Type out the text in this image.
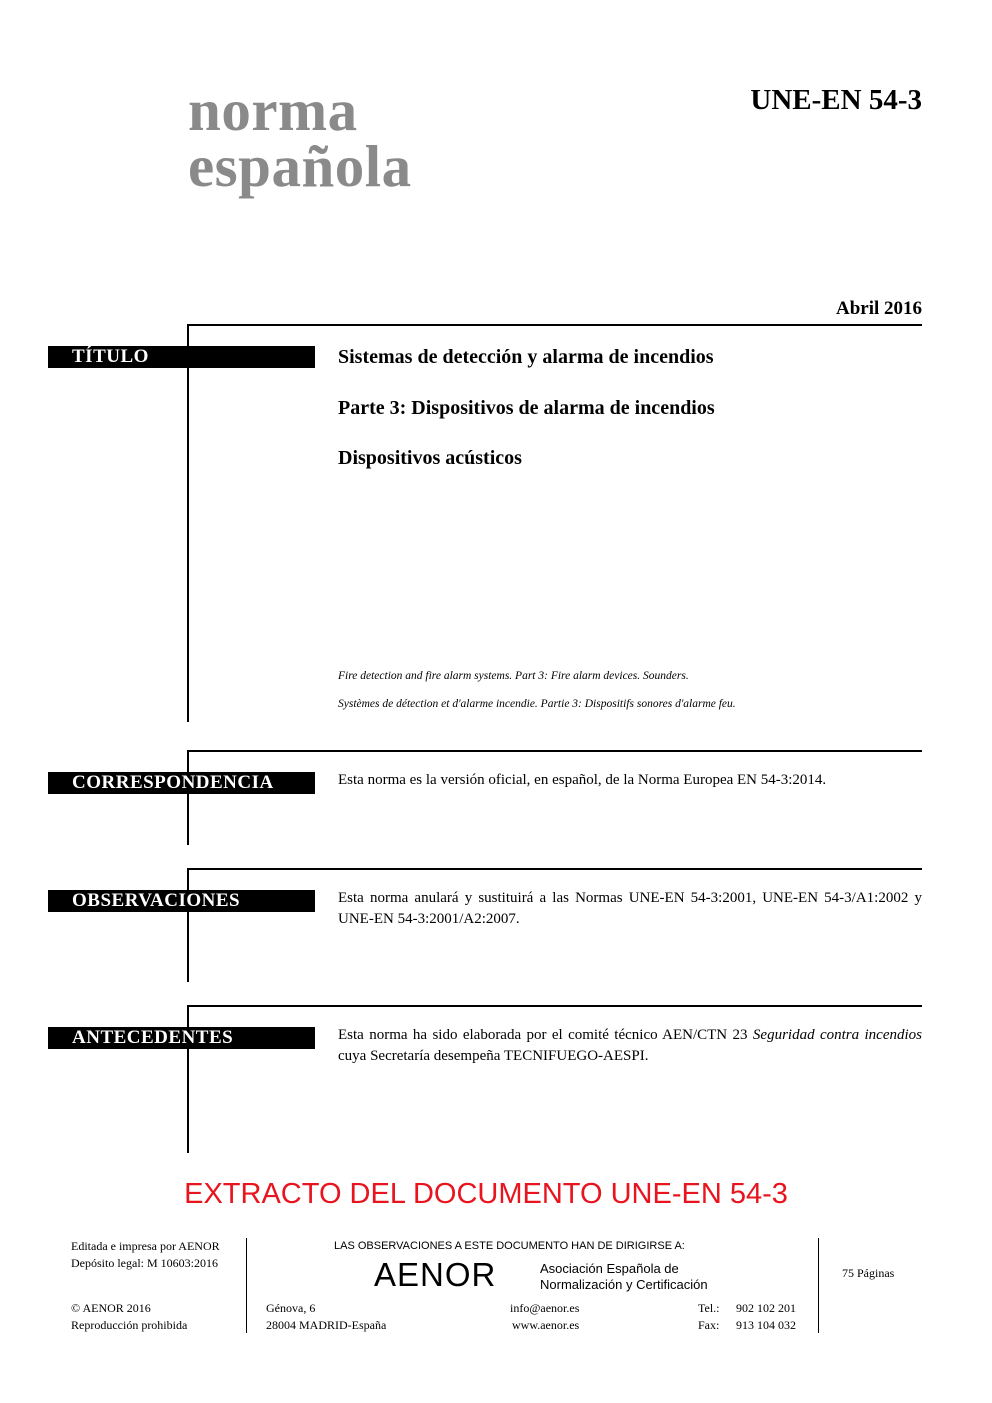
norma
española
UNE-EN 54-3
Abril 2016
TÍTULO	Sistemas de detección y alarma de incendios
Parte 3: Dispositivos de alarma de incendios
Dispositivos acústicos
Fire detection and fire alarm systems. Part 3: Fire alarm devices. Sounders.
Systèmes de détection et d'alarme incendie. Partie 3: Dispositifs sonores d'alarme feu.
CORRESPONDENCIA	Esta norma es la versión oficial, en español, de la Norma Europea EN 54-3:2014.
OBSERVACIONES	Esta norma anulará y sustituirá a las Normas UNE-EN 54-3:2001, UNE-EN 54-3/A1:2002 y UNE-EN 54-3:2001/A2:2007.
ANTECEDENTES	Esta norma ha sido elaborada por el comité técnico AEN/CTN 23 Seguridad contra incendios cuya Secretaría desempeña TECNIFUEGO-AESPI.
EXTRACTO DEL DOCUMENTO UNE-EN 54-3
Editada e impresa por AENOR
Depósito legal: M 10603:2016
© AENOR 2016
Reproducción prohibida
LAS OBSERVACIONES A ESTE DOCUMENTO HAN DE DIRIGIRSE A:
AENOR	Asociación Española de
Normalización y Certificación
Génova, 6
28004 MADRID-España
info@aenor.es
www.aenor.es
Tel.: 902 102 201
Fax: 913 104 032
75 Páginas
